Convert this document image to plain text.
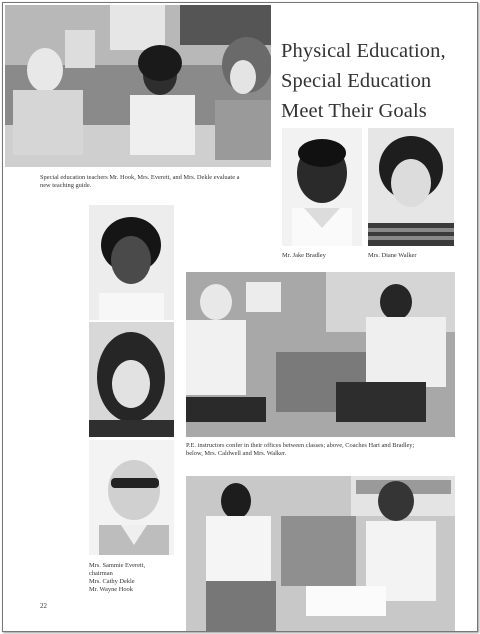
Physical Education,
Special Education
Meet Their Goals
Special education teachers Mr. Hook, Mrs. Everett, and Mrs. Dekle evaluate a
new teaching guide.
Mr. Jake Bradley	Mrs. Diane Walker
P.E. instructors confer in their offices between classes; above, Coaches Hart and Bradley;
below, Mrs. Caldwell and Mrs. Walker.
Mrs. Sammie Everett,
chairman
Mrs. Cathy Dekle
Mr. Wayne Hook
22
